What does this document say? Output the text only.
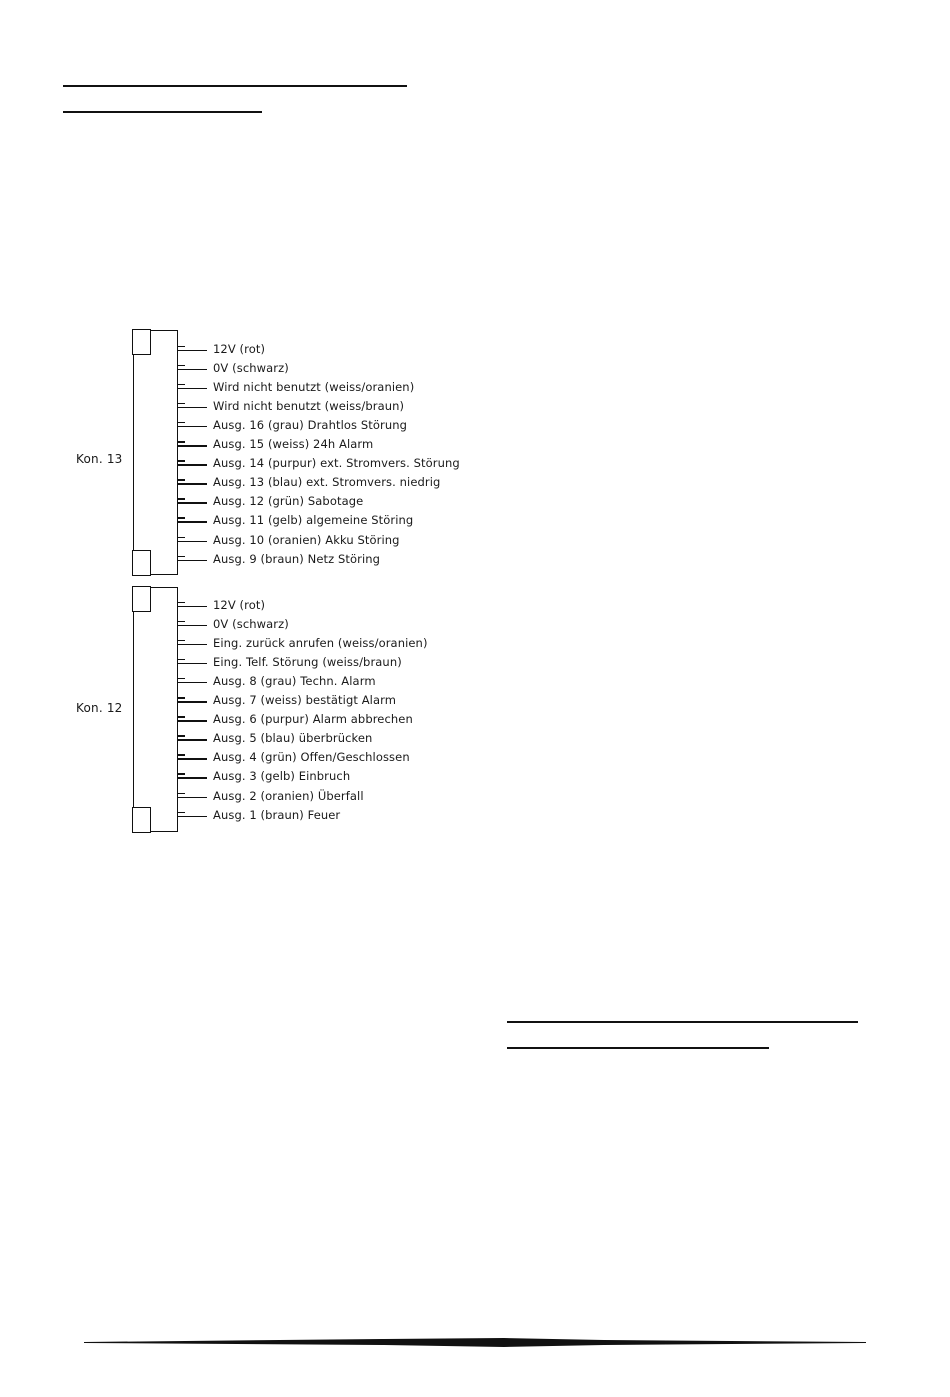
Kon. 13
12V (rot)
0V (schwarz)
Wird nicht benutzt (weiss/oranien)
Wird nicht benutzt (weiss/braun)
Ausg. 16 (grau) Drahtlos Störung
Ausg. 15 (weiss) 24h Alarm
Ausg. 14 (purpur) ext. Stromvers. Störung
Ausg. 13 (blau) ext. Stromvers. niedrig
Ausg. 12 (grün) Sabotage
Ausg. 11 (gelb) algemeine Störing
Ausg. 10 (oranien) Akku Störing
Ausg. 9 (braun) Netz Störing
Kon. 12
12V (rot)
0V (schwarz)
Eing. zurück anrufen (weiss/oranien)
Eing. Telf. Störung (weiss/braun)
Ausg. 8 (grau) Techn. Alarm
Ausg. 7 (weiss) bestätigt Alarm
Ausg. 6 (purpur) Alarm abbrechen
Ausg. 5 (blau) überbrücken
Ausg. 4 (grün) Offen/Geschlossen
Ausg. 3 (gelb) Einbruch
Ausg. 2 (oranien) Überfall
Ausg. 1 (braun) Feuer
